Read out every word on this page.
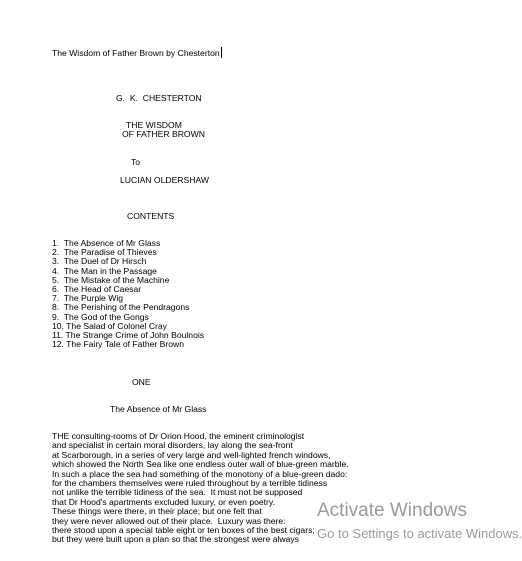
The Wisdom of Father Brown by Chesterton
G.  K.  CHESTERTON
THE WISDOM
OF FATHER BROWN
To
LUCIAN OLDERSHAW
CONTENTS
1.  The Absence of Mr Glass
2.  The Paradise of Thieves
3.  The Duel of Dr Hirsch
4.  The Man in the Passage
5.  The Mistake of the Machine
6.  The Head of Caesar
7.  The Purple Wig
8.  The Perishing of the Pendragons
9.  The God of the Gongs
10. The Salad of Colonel Cray
11. The Strange Crime of John Boulnois
12. The Fairy Tale of Father Brown
ONE
The Absence of Mr Glass
THE consulting-rooms of Dr Orion Hood, the eminent criminologist
and specialist in certain moral disorders, lay along the sea-front
at Scarborough, in a series of very large and well-lighted french windows,
which showed the North Sea like one endless outer wall of blue-green marble.
In such a place the sea had something of the monotony of a blue-green dado:
for the chambers themselves were ruled throughout by a terrible tidiness
not unlike the terrible tidiness of the sea.  It must not be supposed
that Dr Hood's apartments excluded luxury, or even poetry.
These things were there, in their place; but one felt that
they were never allowed out of their place.  Luxury was there:
there stood upon a special table eight or ten boxes of the best cigars;
but they were built upon a plan so that the strongest were always
Activate Windows
Go to Settings to activate Windows.
